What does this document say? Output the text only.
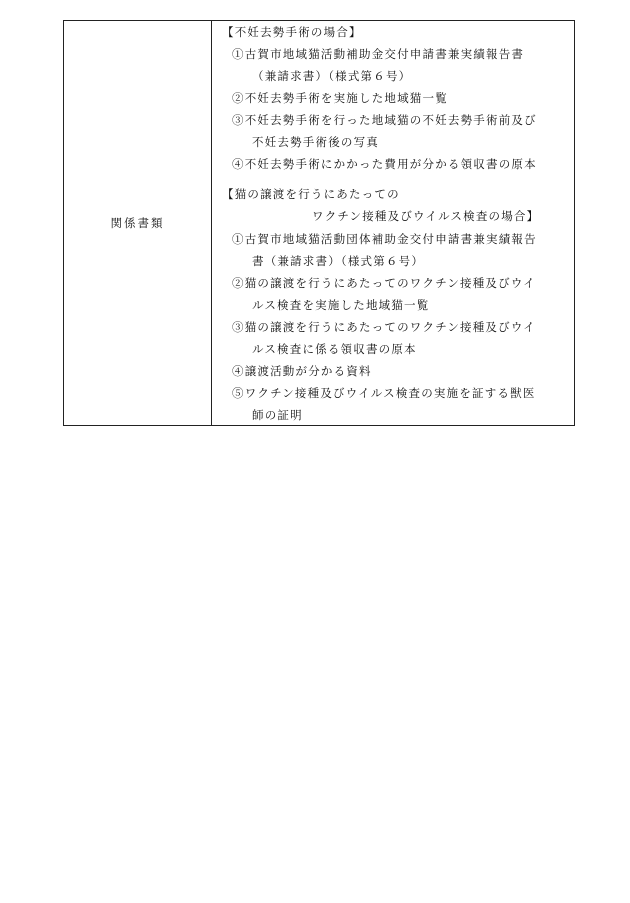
関係書類
【不妊去勢手術の場合】
①古賀市地域猫活動補助金交付申請書兼実績報告書
（兼請求書）（様式第６号）
②不妊去勢手術を実施した地域猫一覧
③不妊去勢手術を行った地域猫の不妊去勢手術前及び
不妊去勢手術後の写真
④不妊去勢手術にかかった費用が分かる領収書の原本
【猫の譲渡を行うにあたっての
ワクチン接種及びウイルス検査の場合】
①古賀市地域猫活動団体補助金交付申請書兼実績報告
書（兼請求書）（様式第６号）
②猫の譲渡を行うにあたってのワクチン接種及びウイ
ルス検査を実施した地域猫一覧
③猫の譲渡を行うにあたってのワクチン接種及びウイ
ルス検査に係る領収書の原本
④譲渡活動が分かる資料
⑤ワクチン接種及びウイルス検査の実施を証する獣医
師の証明
